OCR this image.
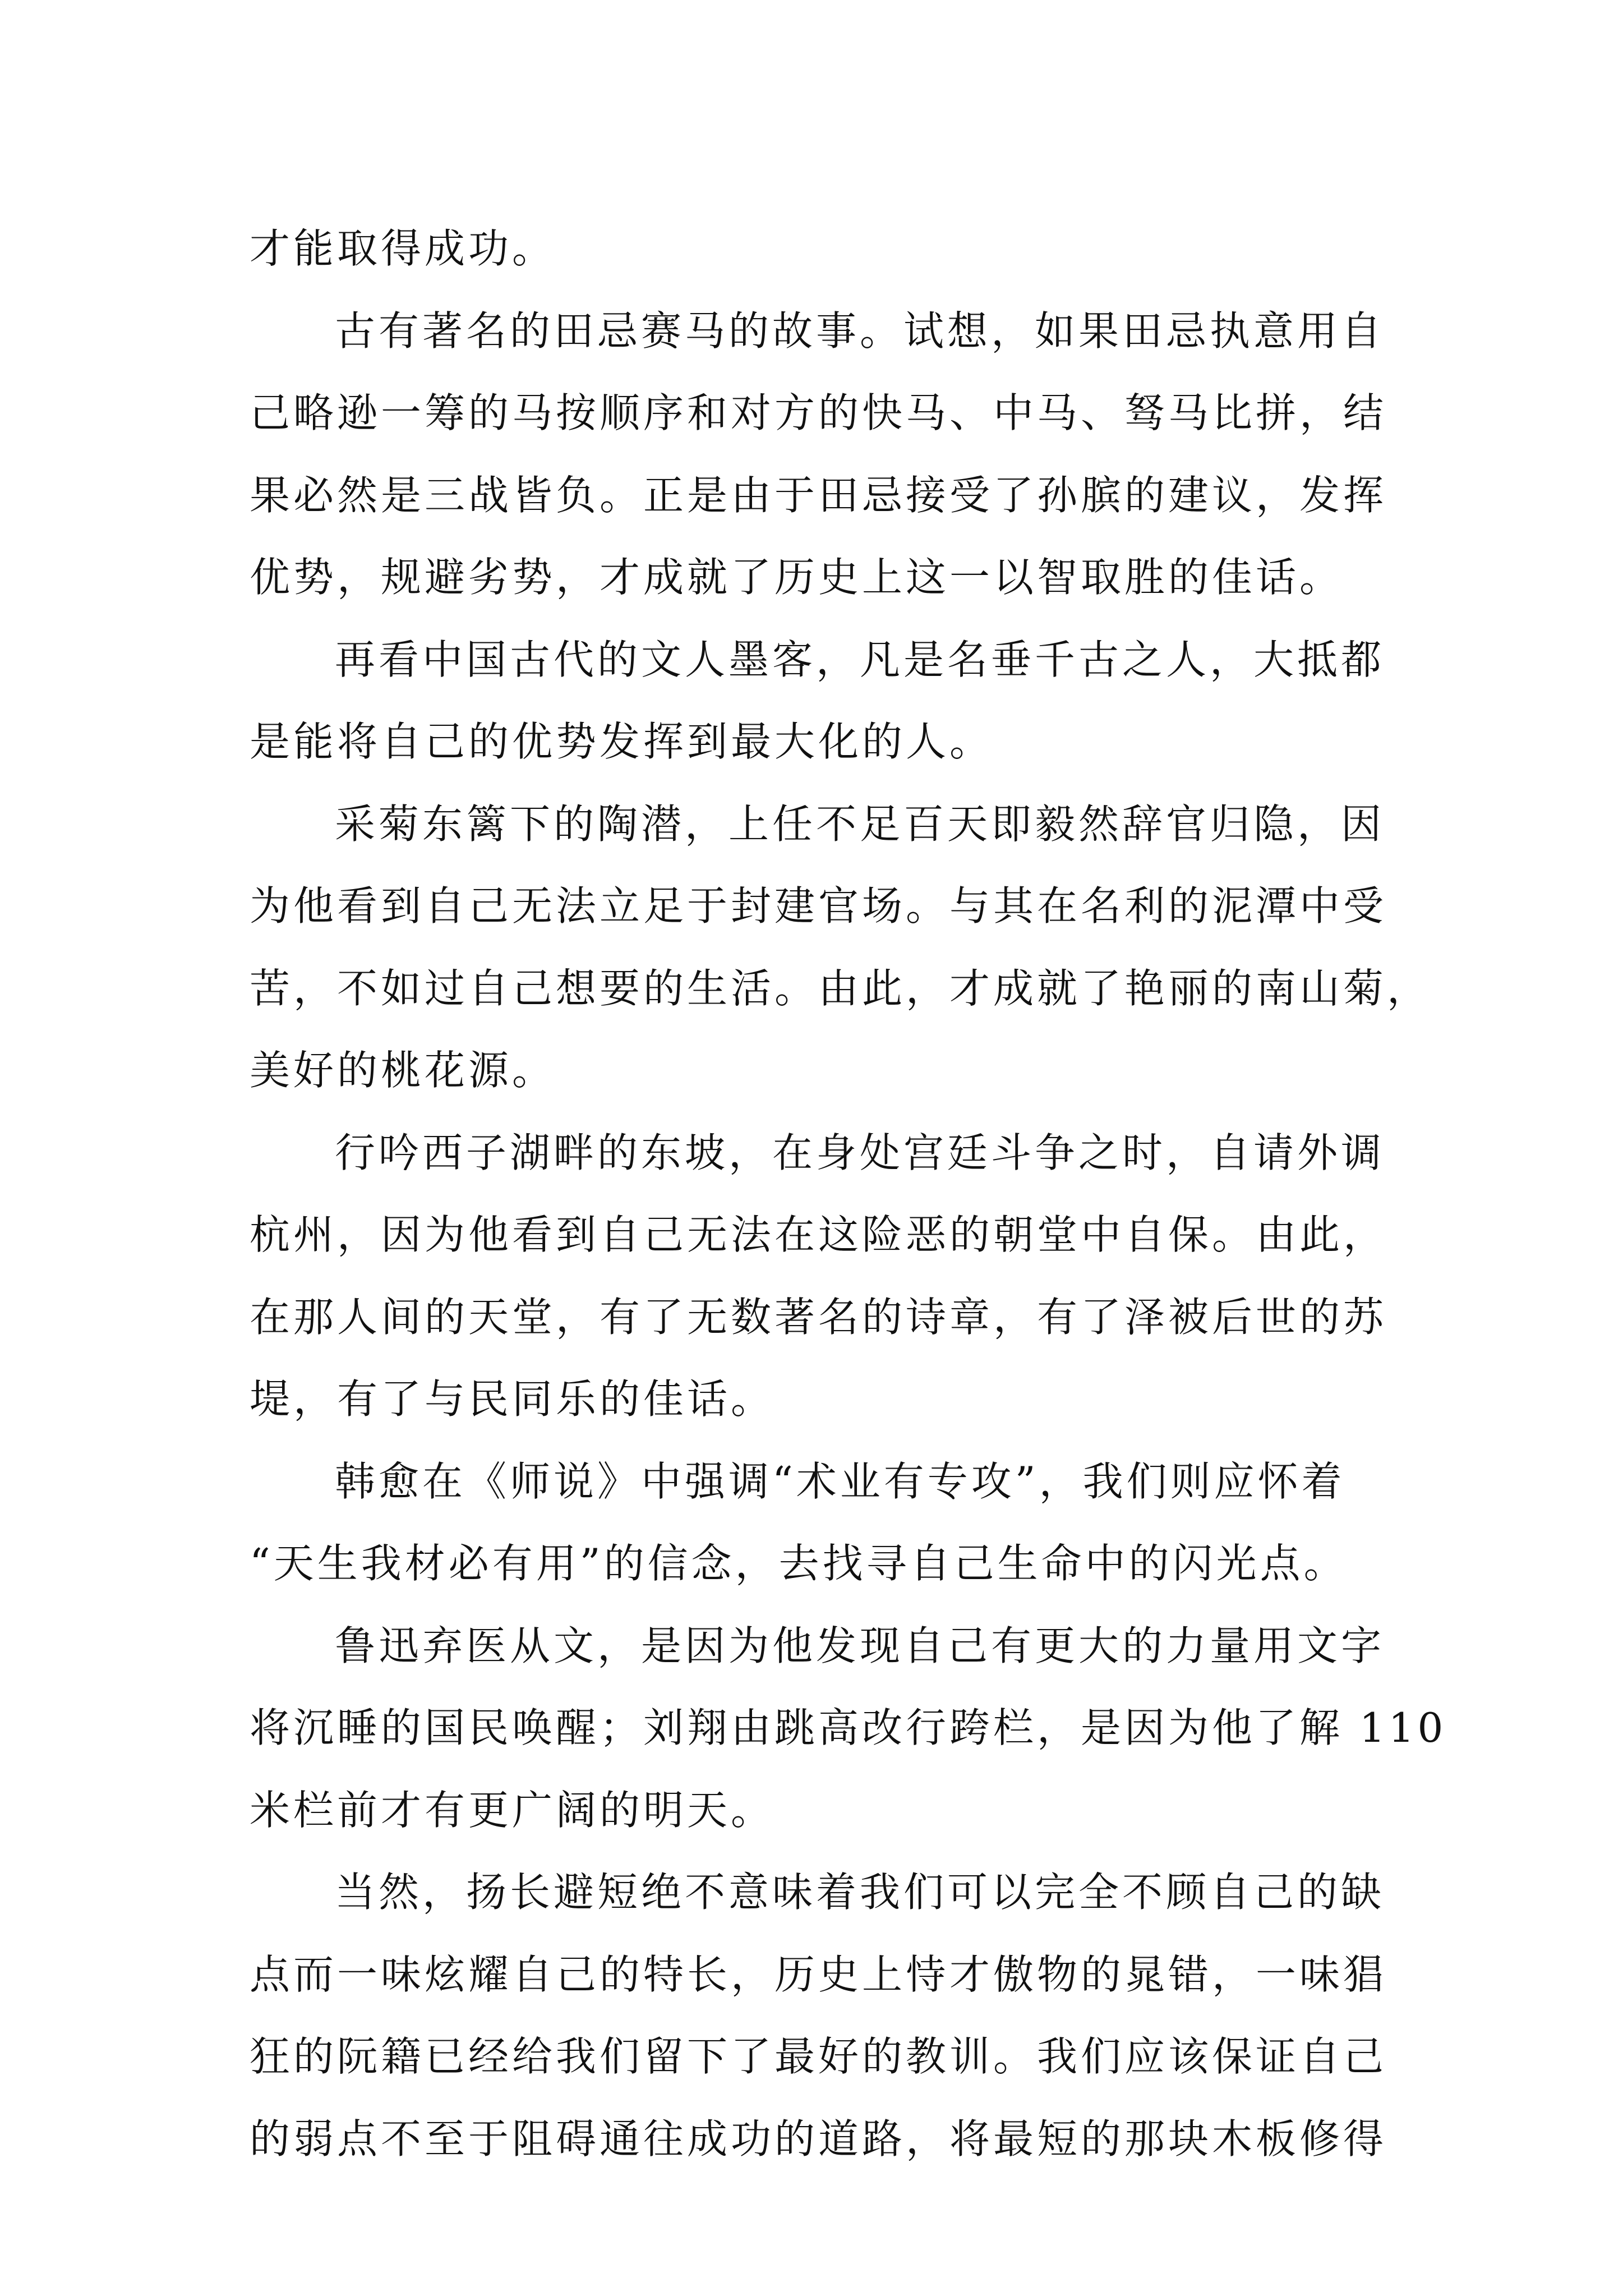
才能取得成功。
古有著名的田忌赛马的故事。试想，如果田忌执意用自
己略逊一筹的马按顺序和对方的快马、中马、驽马比拼，结
果必然是三战皆负。正是由于田忌接受了孙膑的建议，发挥
优势，规避劣势，才成就了历史上这一以智取胜的佳话。
再看中国古代的文人墨客，凡是名垂千古之人，大抵都
是能将自己的优势发挥到最大化的人。
采菊东篱下的陶潜，上任不足百天即毅然辞官归隐，因
为他看到自己无法立足于封建官场。与其在名利的泥潭中受
苦，不如过自己想要的生活。由此，才成就了艳丽的南山菊，
美好的桃花源。
行吟西子湖畔的东坡，在身处宫廷斗争之时，自请外调
杭州，因为他看到自己无法在这险恶的朝堂中自保。由此，
在那人间的天堂，有了无数著名的诗章，有了泽被后世的苏
堤，有了与民同乐的佳话。
韩愈在《师说》中强调“术业有专攻”，我们则应怀着
“天生我材必有用”的信念，去找寻自己生命中的闪光点。
鲁迅弃医从文，是因为他发现自己有更大的力量用文字
将沉睡的国民唤醒；刘翔由跳高改行跨栏，是因为他了解 110
米栏前才有更广阔的明天。
当然，扬长避短绝不意味着我们可以完全不顾自己的缺
点而一味炫耀自己的特长，历史上恃才傲物的晁错，一味猖
狂的阮籍已经给我们留下了最好的教训。我们应该保证自己
的弱点不至于阻碍通往成功的道路，将最短的那块木板修得
